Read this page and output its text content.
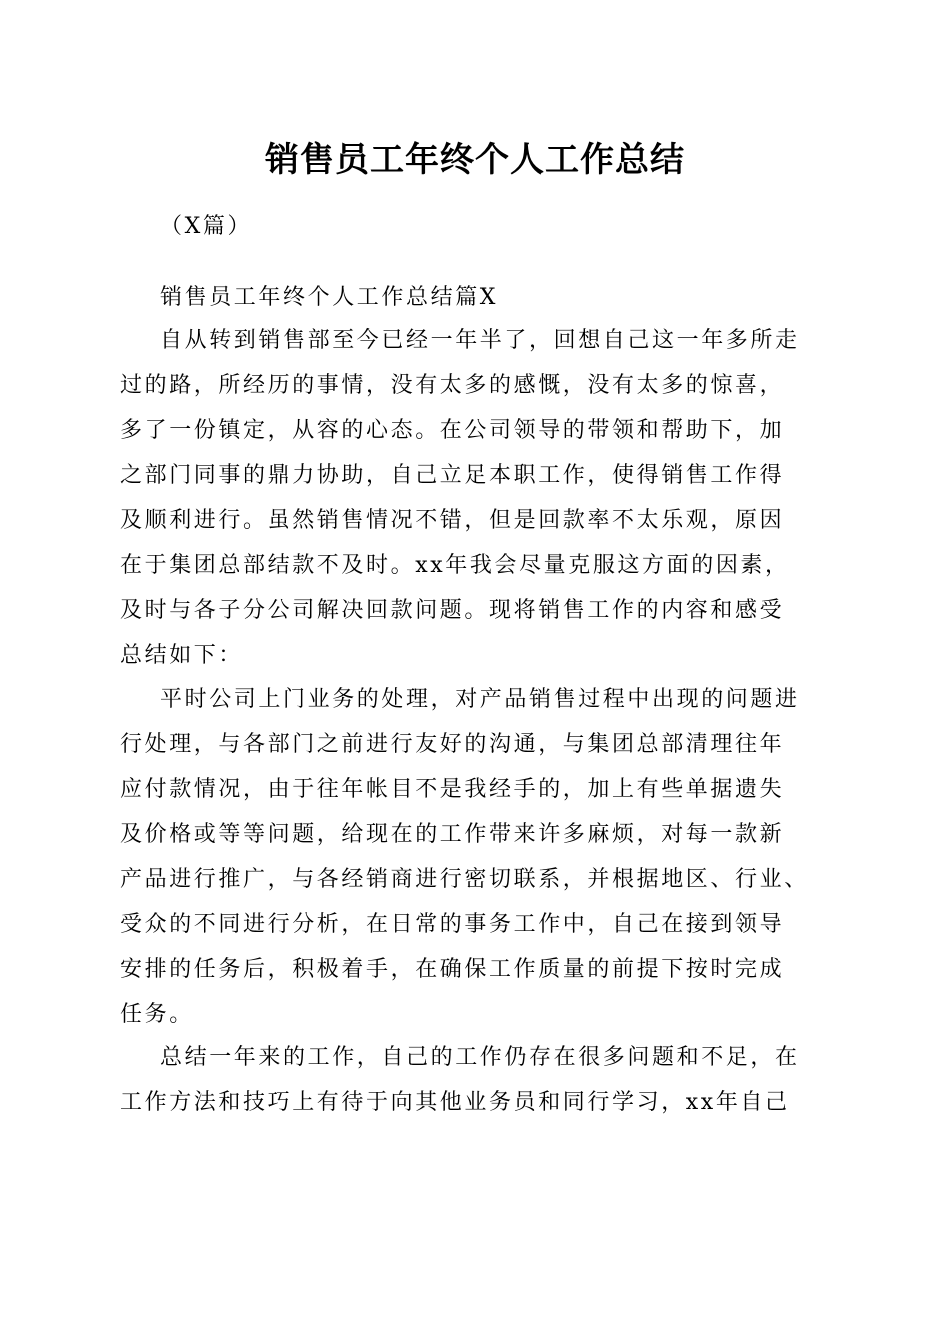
销售员工年终个人工作总结
（X篇）
销售员工年终个人工作总结篇X
自从转到销售部至今已经一年半了，回想自己这一年多所走
过的路，所经历的事情，没有太多的感慨，没有太多的惊喜，
多了一份镇定，从容的心态。在公司领导的带领和帮助下，加
之部门同事的鼎力协助，自己立足本职工作，使得销售工作得
及顺利进行。虽然销售情况不错，但是回款率不太乐观，原因
在于集团总部结款不及时。xx年我会尽量克服这方面的因素，
及时与各子分公司解决回款问题。现将销售工作的内容和感受
总结如下：
平时公司上门业务的处理，对产品销售过程中出现的问题进
行处理，与各部门之前进行友好的沟通，与集团总部清理往年
应付款情况，由于往年帐目不是我经手的，加上有些单据遗失
及价格或等等问题，给现在的工作带来许多麻烦，对每一款新
产品进行推广，与各经销商进行密切联系，并根据地区、行业、
受众的不同进行分析，在日常的事务工作中，自己在接到领导
安排的任务后，积极着手，在确保工作质量的前提下按时完成
任务。
总结一年来的工作，自己的工作仍存在很多问题和不足，在
工作方法和技巧上有待于向其他业务员和同行学习，xx年自己
